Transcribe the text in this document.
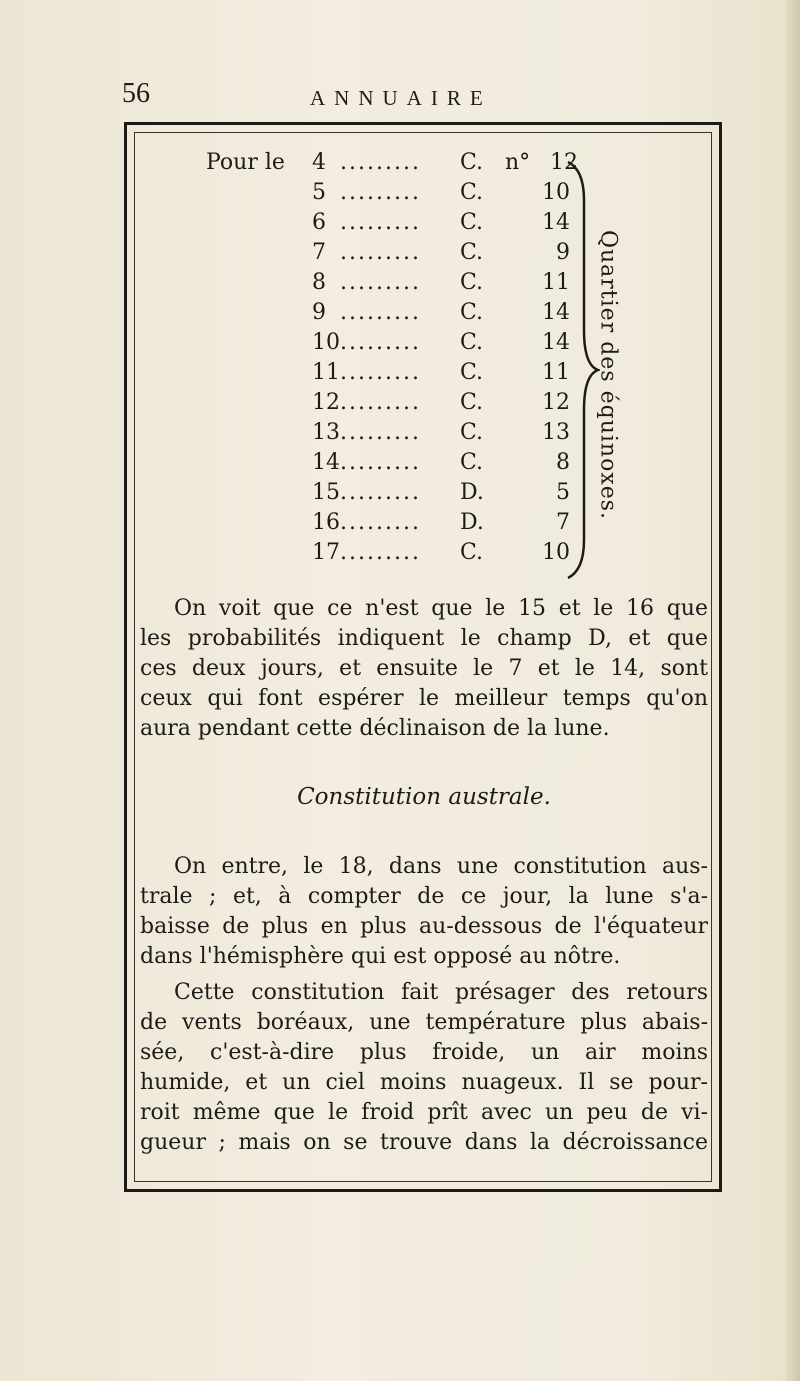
56	ANNUAIRE
Pour le 4 ......... C. n° 12
5 ......... C.	10
6 ......... C.	14
7 ......... C.	9
8 ......... C.	11
9 ......... C.	14
10 ......... C.	14
11 ......... C.	11
12 ......... C.	12
13 ......... C.	13
14 ......... C.	8
15 ......... D.	5
16 ......... D.	7
17 ......... C.	10
Quartier des équinoxes.
On voit que ce n'est que le 15 et le 16 que
les probabilités indiquent le champ D, et que
ces deux jours, et ensuite le 7 et le 14, sont
ceux qui font espérer le meilleur temps qu'on
aura pendant cette déclinaison de la lune.
Constitution australe.
On entre, le 18, dans une constitution aus-
trale ; et, à compter de ce jour, la lune s'a-
baisse de plus en plus au-dessous de l'équateur
dans l'hémisphère qui est opposé au nôtre.
Cette constitution fait présager des retours
de vents boréaux, une température plus abais-
sée, c'est-à-dire plus froide, un air moins
humide, et un ciel moins nuageux. Il se pour-
roit même que le froid prît avec un peu de vi-
gueur ; mais on se trouve dans la décroissance
